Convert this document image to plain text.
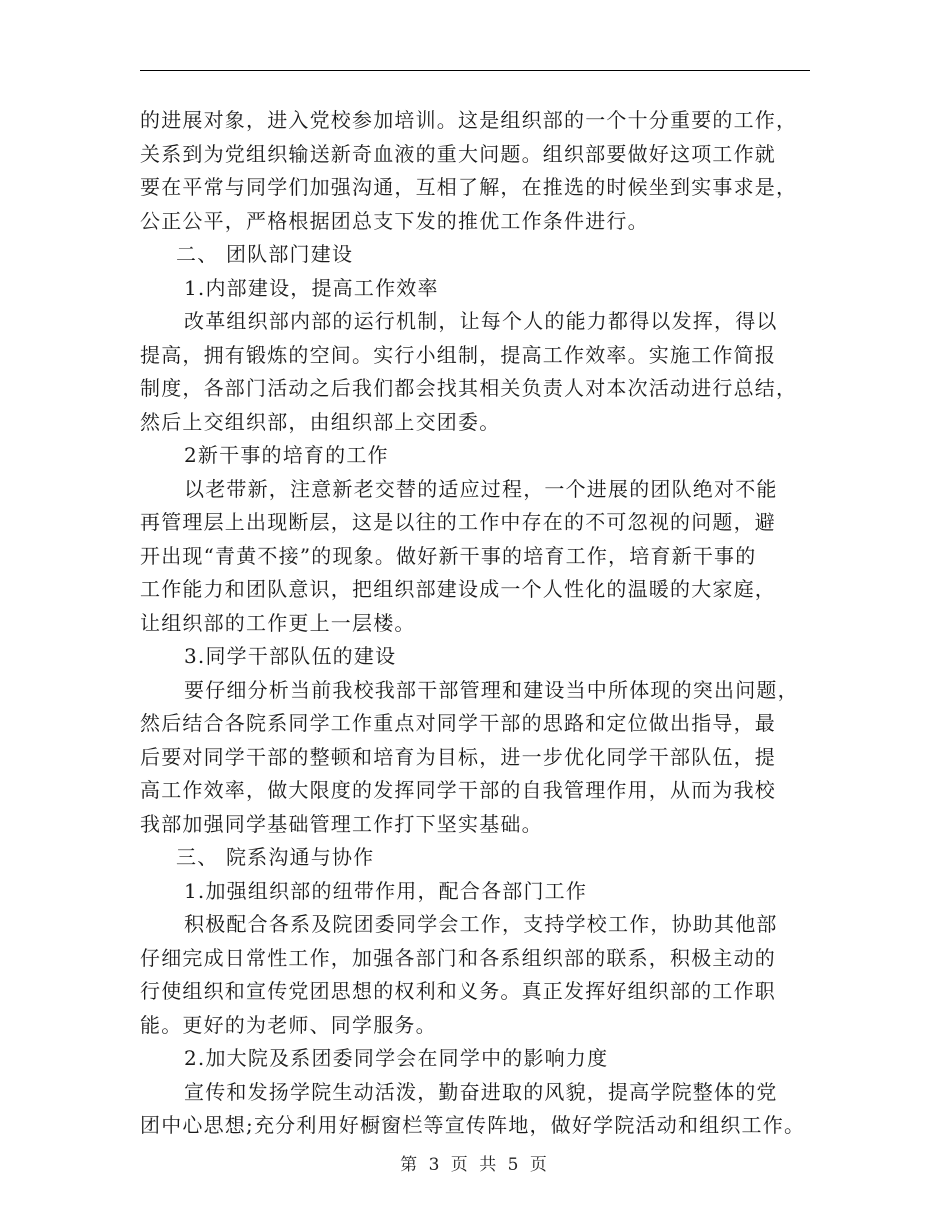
的进展对象，进入党校参加培训。这是组织部的一个十分重要的工作，
关系到为党组织输送新奇血液的重大问题。组织部要做好这项工作就
要在平常与同学们加强沟通，互相了解，在推选的时候坐到实事求是，
公正公平，严格根据团总支下发的推优工作条件进行。
二、 团队部门建设
1.内部建设，提高工作效率
改革组织部内部的运行机制，让每个人的能力都得以发挥，得以
提高，拥有锻炼的空间。实行小组制，提高工作效率。实施工作简报
制度，各部门活动之后我们都会找其相关负责人对本次活动进行总结，
然后上交组织部，由组织部上交团委。
2新干事的培育的工作
以老带新，注意新老交替的适应过程，一个进展的团队绝对不能
再管理层上出现断层，这是以往的工作中存在的不可忽视的问题，避
开出现“青黄不接”的现象。做好新干事的培育工作，培育新干事的
工作能力和团队意识，把组织部建设成一个人性化的温暖的大家庭，
让组织部的工作更上一层楼。
3.同学干部队伍的建设
要仔细分析当前我校我部干部管理和建设当中所体现的突出问题，
然后结合各院系同学工作重点对同学干部的思路和定位做出指导，最
后要对同学干部的整顿和培育为目标，进一步优化同学干部队伍，提
高工作效率，做大限度的发挥同学干部的自我管理作用，从而为我校
我部加强同学基础管理工作打下坚实基础。
三、 院系沟通与协作
1.加强组织部的纽带作用，配合各部门工作
积极配合各系及院团委同学会工作，支持学校工作，协助其他部
仔细完成日常性工作，加强各部门和各系组织部的联系，积极主动的
行使组织和宣传党团思想的权利和义务。真正发挥好组织部的工作职
能。更好的为老师、同学服务。
2.加大院及系团委同学会在同学中的影响力度
宣传和发扬学院生动活泼，勤奋进取的风貌，提高学院整体的党
团中心思想;充分利用好橱窗栏等宣传阵地，做好学院活动和组织工作。
第 3 页 共 5 页
